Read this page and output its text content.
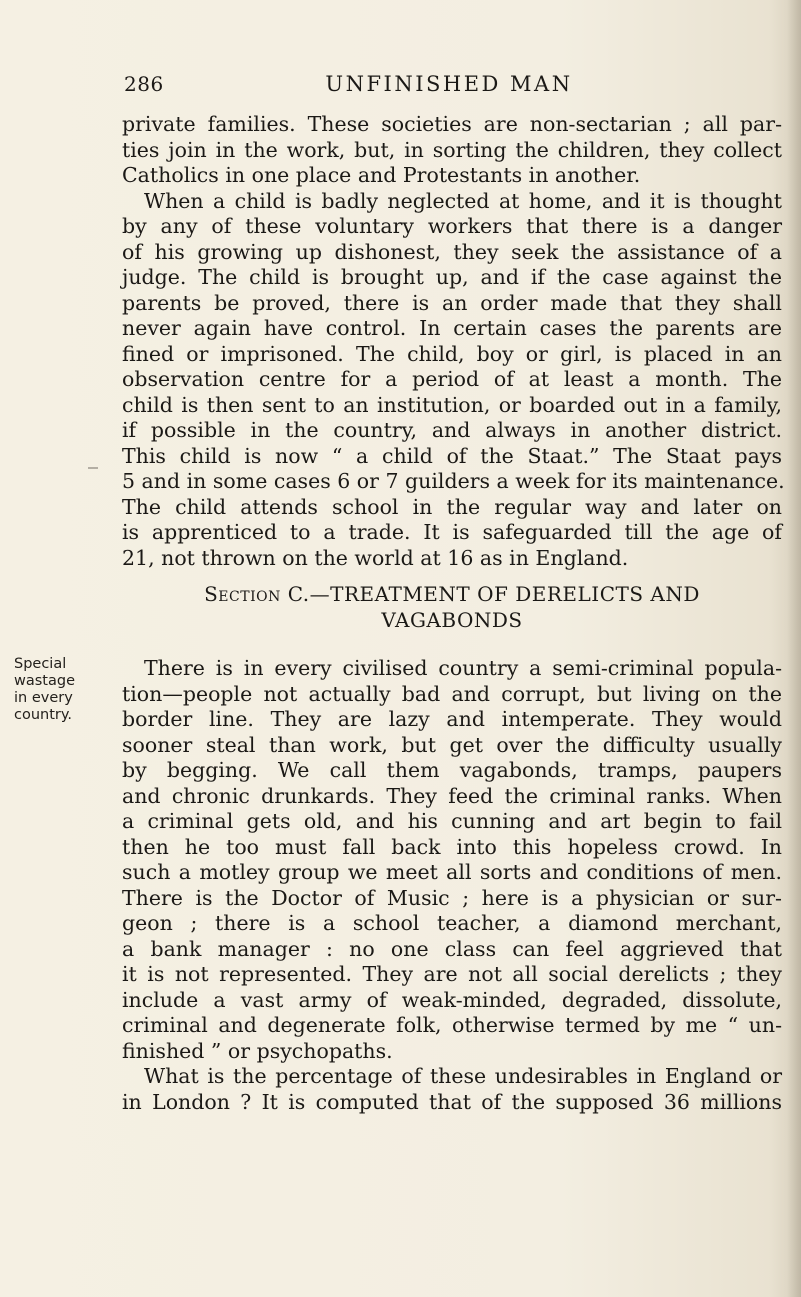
286	UNFINISHED MAN
private families. These societies are non-sectarian ; all par-
ties join in the work, but, in sorting the children, they collect
Catholics in one place and Protestants in another.
When a child is badly neglected at home, and it is thought
by any of these voluntary workers that there is a danger
of his growing up dishonest, they seek the assistance of a
judge. The child is brought up, and if the case against the
parents be proved, there is an order made that they shall
never again have control. In certain cases the parents are
fined or imprisoned. The child, boy or girl, is placed in an
observation centre for a period of at least a month. The
child is then sent to an institution, or boarded out in a family,
if possible in the country, and always in another district.
This child is now “ a child of the Staat.” The Staat pays
5 and in some cases 6 or 7 guilders a week for its maintenance.
The child attends school in the regular way and later on
is apprenticed to a trade. It is safeguarded till the age of
21, not thrown on the world at 16 as in England.
Section C.—TREATMENT OF DERELICTS AND
VAGABONDS
Special
wastage
in every
country.
There is in every civilised country a semi-criminal popula-
tion—people not actually bad and corrupt, but living on the
border line. They are lazy and intemperate. They would
sooner steal than work, but get over the difficulty usually
by begging. We call them vagabonds, tramps, paupers
and chronic drunkards. They feed the criminal ranks. When
a criminal gets old, and his cunning and art begin to fail
then he too must fall back into this hopeless crowd. In
such a motley group we meet all sorts and conditions of men.
There is the Doctor of Music ; here is a physician or sur-
geon ; there is a school teacher, a diamond merchant,
a bank manager : no one class can feel aggrieved that
it is not represented. They are not all social derelicts ; they
include a vast army of weak-minded, degraded, dissolute,
criminal and degenerate folk, otherwise termed by me “ un-
finished ” or psychopaths.
What is the percentage of these undesirables in England or
in London ? It is computed that of the supposed 36 millions
